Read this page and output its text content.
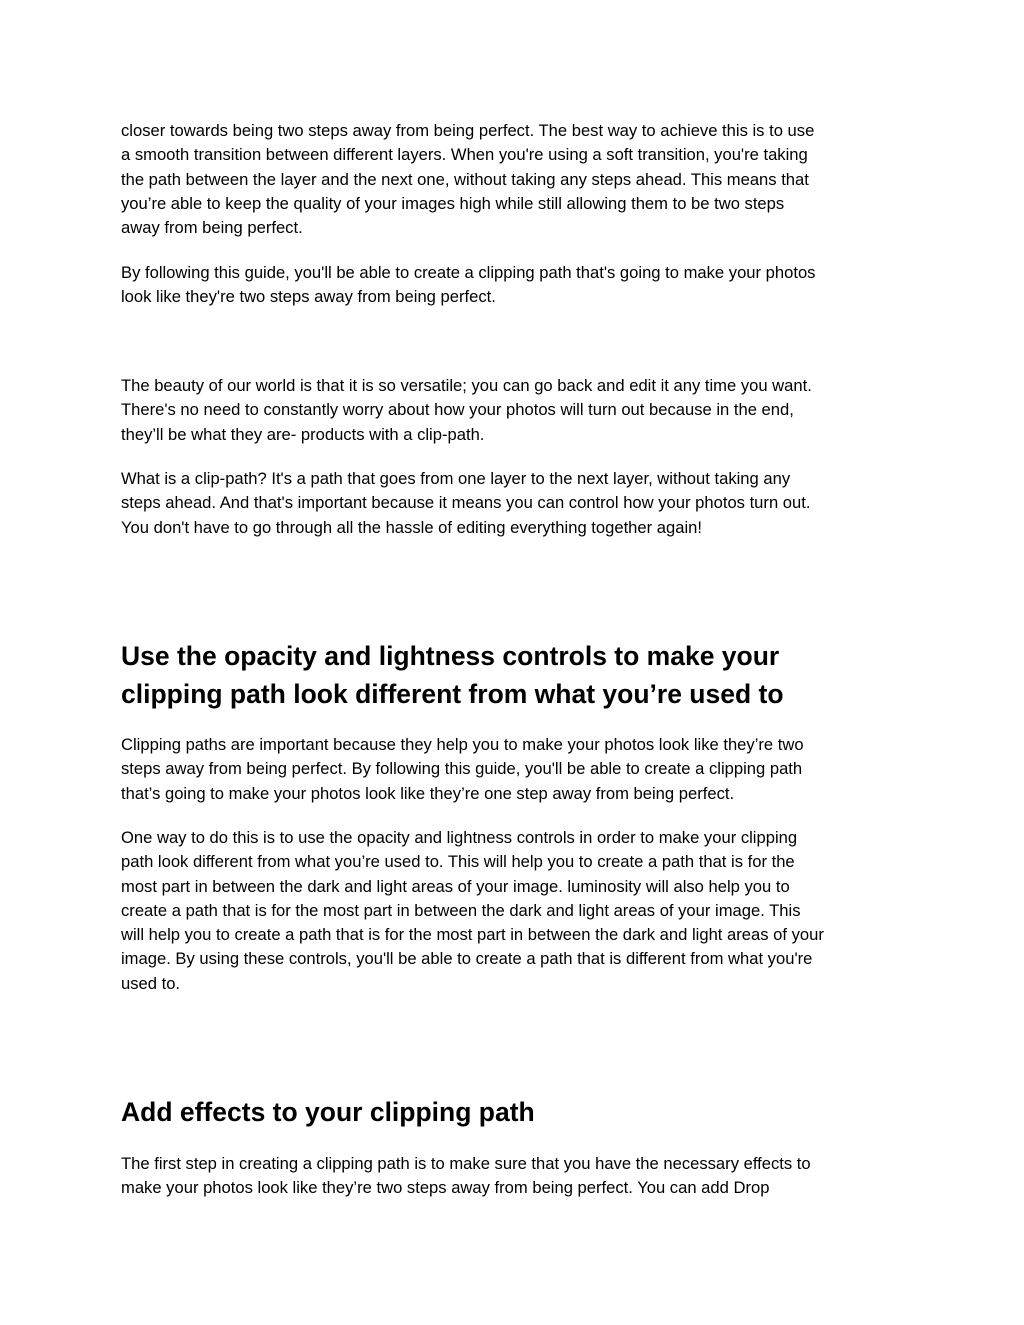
closer towards being two steps away from being perfect. The best way to achieve this is to use
a smooth transition between different layers. When you're using a soft transition, you're taking
the path between the layer and the next one, without taking any steps ahead. This means that
you’re able to keep the quality of your images high while still allowing them to be two steps
away from being perfect.

By following this guide, you'll be able to create a clipping path that's going to make your photos
look like they're two steps away from being perfect.

The beauty of our world is that it is so versatile; you can go back and edit it any time you want.
There's no need to constantly worry about how your photos will turn out because in the end,
they’ll be what they are- products with a clip-path.

What is a clip-path? It's a path that goes from one layer to the next layer, without taking any
steps ahead. And that's important because it means you can control how your photos turn out.
You don't have to go through all the hassle of editing everything together again!

Use the opacity and lightness controls to make your
clipping path look different from what you’re used to

Clipping paths are important because they help you to make your photos look like they’re two
steps away from being perfect. By following this guide, you'll be able to create a clipping path
that’s going to make your photos look like they’re one step away from being perfect.

One way to do this is to use the opacity and lightness controls in order to make your clipping
path look different from what you’re used to. This will help you to create a path that is for the
most part in between the dark and light areas of your image. luminosity will also help you to
create a path that is for the most part in between the dark and light areas of your image. This
will help you to create a path that is for the most part in between the dark and light areas of your
image. By using these controls, you'll be able to create a path that is different from what you're
used to.

Add effects to your clipping path

The first step in creating a clipping path is to make sure that you have the necessary effects to
make your photos look like they’re two steps away from being perfect. You can add Drop
